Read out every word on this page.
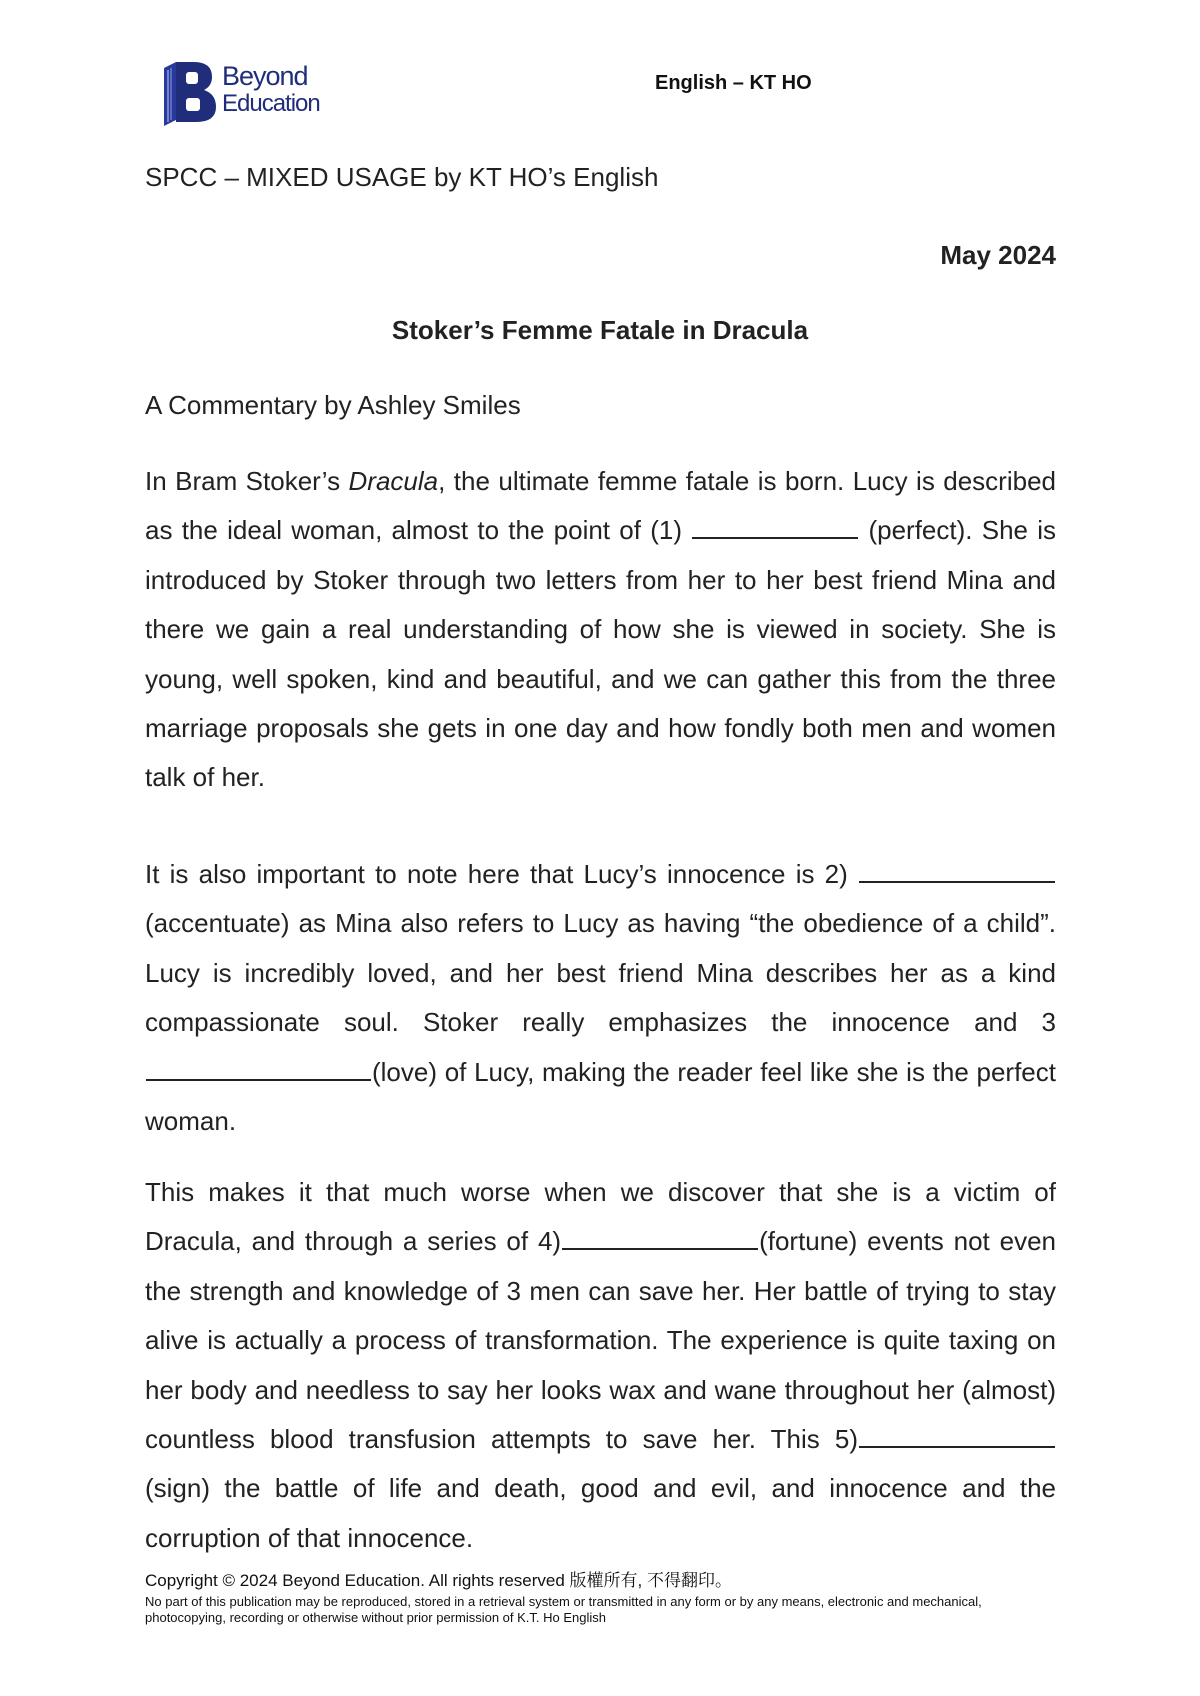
Beyond
Education
English – KT HO
SPCC – MIXED USAGE by KT HO’s English
May 2024
Stoker’s Femme Fatale in Dracula
A Commentary by Ashley Smiles
In Bram Stoker’s Dracula, the ultimate femme fatale is born. Lucy is described as the ideal woman, almost to the point of (1)	(perfect). She is introduced by Stoker through two letters from her to her best friend Mina and there we gain a real understanding of how she is viewed in society. She is young, well spoken, kind and beautiful, and we can gather this from the three marriage proposals she gets in one day and how fondly both men and women talk of her.
It is also important to note here that Lucy’s innocence is 2) (accentuate) as Mina also refers to Lucy as having “the obedience of a child”. Lucy is incredibly loved, and her best friend Mina describes her as a kind compassionate soul. Stoker really emphasizes the innocence and 3(love) of Lucy, making the reader feel like she is the perfect woman.
This makes it that much worse when we discover that she is a victim of Dracula, and through a series of 4)	(fortune) events not even the strength and knowledge of 3 men can save her. Her battle of trying to stay alive is actually a process of transformation. The experience is quite taxing on her body and needless to say her looks wax and wane throughout her (almost) countless blood transfusion attempts to save her. This 5)(sign) the battle of life and death, good and evil, and innocence and the corruption of that innocence.
Copyright © 2024 Beyond Education. All rights reserved 版權所有, 不得翻印。
No part of this publication may be reproduced, stored in a retrieval system or transmitted in any form or by any means, electronic and mechanical, photocopying, recording or otherwise without prior permission of K.T. Ho English
